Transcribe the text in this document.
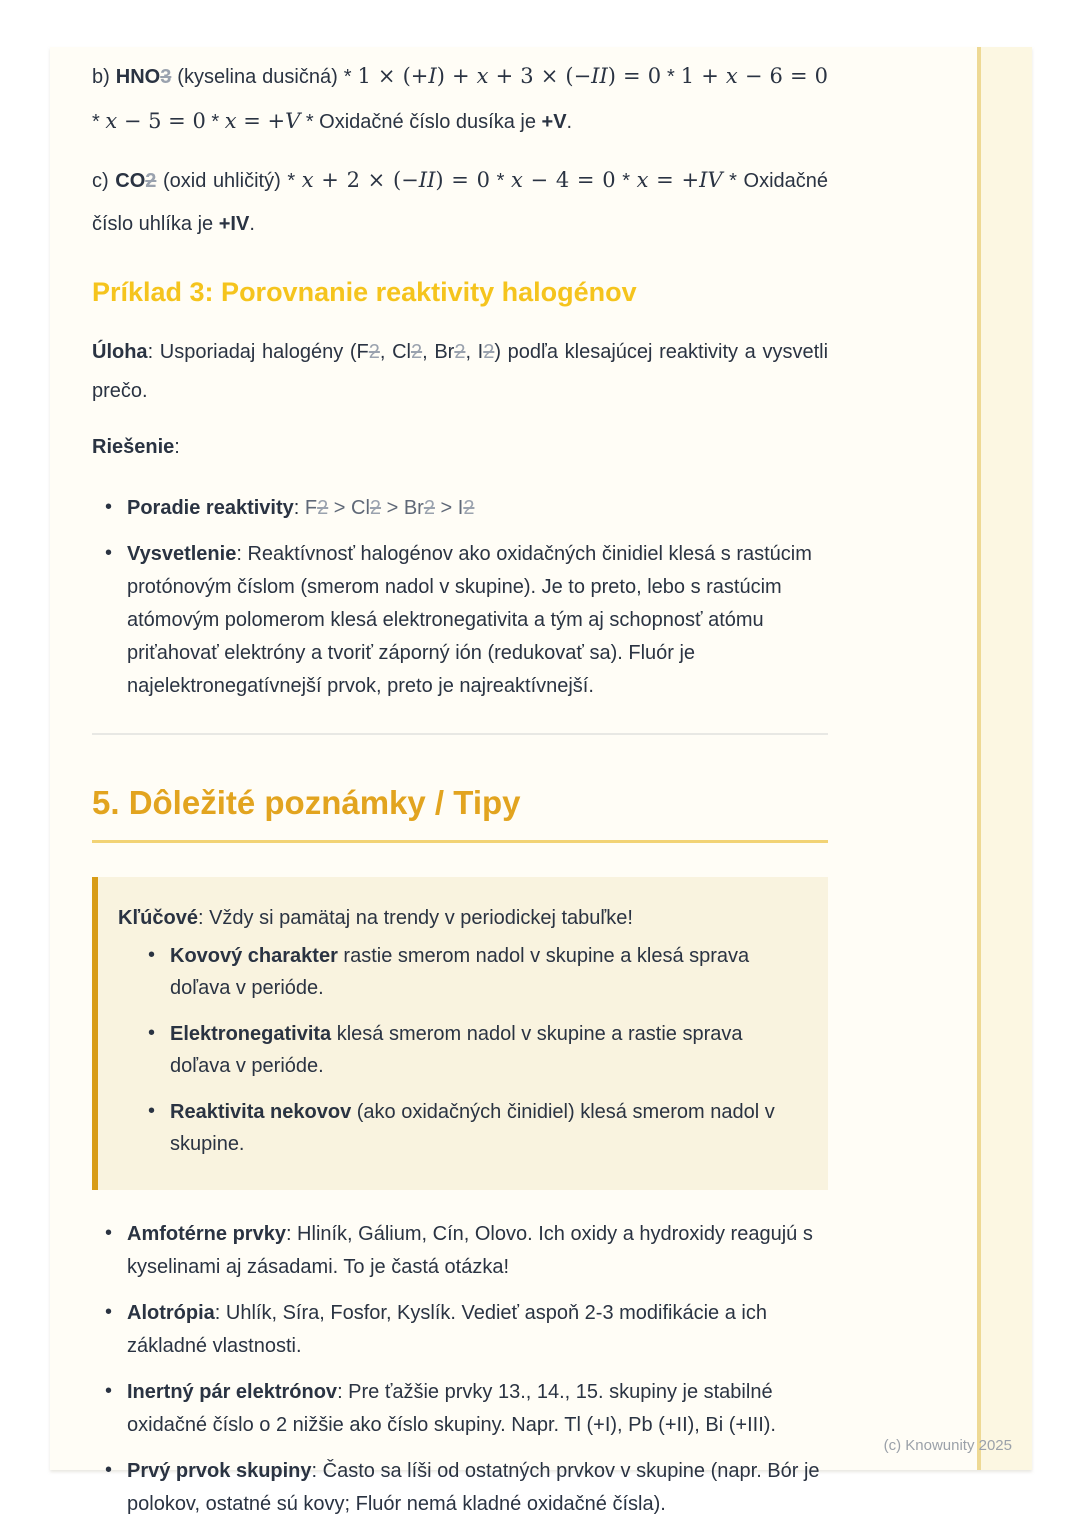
b) HNO3 (kyselina dusičná) * 1 × (+I) + x + 3 × (−II) = 0 * 1 + x − 6 = 0 * x − 5 = 0 * x = +V * Oxidačné číslo dusíka je +V.

c) CO2 (oxid uhličitý) * x + 2 × (−II) = 0 * x − 4 = 0 * x = +IV * Oxidačné číslo uhlíka je +IV.

Príklad 3: Porovnanie reaktivity halogénov

Úloha: Usporiadaj halogény (F2, Cl2, Br2, I2) podľa klesajúcej reaktivity a vysvetli prečo.

Riešenie:

• Poradie reaktivity: F2 > Cl2 > Br2 > I2
• Vysvetlenie: Reaktívnosť halogénov ako oxidačných činidiel klesá s rastúcim protónovým číslom (smerom nadol v skupine). Je to preto, lebo s rastúcim atómovým polomerom klesá elektronegativita a tým aj schopnosť atómu priťahovať elektróny a tvoriť záporný ión (redukovať sa). Fluór je najelektronegatívnejší prvok, preto je najreaktívnejší.
5. Dôležité poznámky / Tipy

Kľúčové: Vždy si pamätaj na trendy v periodickej tabuľke!

• Kovový charakter rastie smerom nadol v skupine a klesá sprava doľava v perióde.
• Elektronegativita klesá smerom nadol v skupine a rastie sprava doľava v perióde.
• Reaktivita nekovov (ako oxidačných činidiel) klesá smerom nadol v skupine.
• Amfotérne prvky: Hliník, Gálium, Cín, Olovo. Ich oxidy a hydroxidy reagujú s kyselinami aj zásadami. To je častá otázka!
• Alotrópia: Uhlík, Síra, Fosfor, Kyslík. Vedieť aspoň 2-3 modifikácie a ich základné vlastnosti.
• Inertný pár elektrónov: Pre ťažšie prvky 13., 14., 15. skupiny je stabilné oxidačné číslo o 2 nižšie ako číslo skupiny. Napr. Tl (+I), Pb (+II), Bi (+III).
• Prvý prvok skupiny: Často sa líši od ostatných prvkov v skupine (napr. Bór je polokov, ostatné sú kovy; Fluór nemá kladné oxidačné čísla).
(c) Knowunity 2025
